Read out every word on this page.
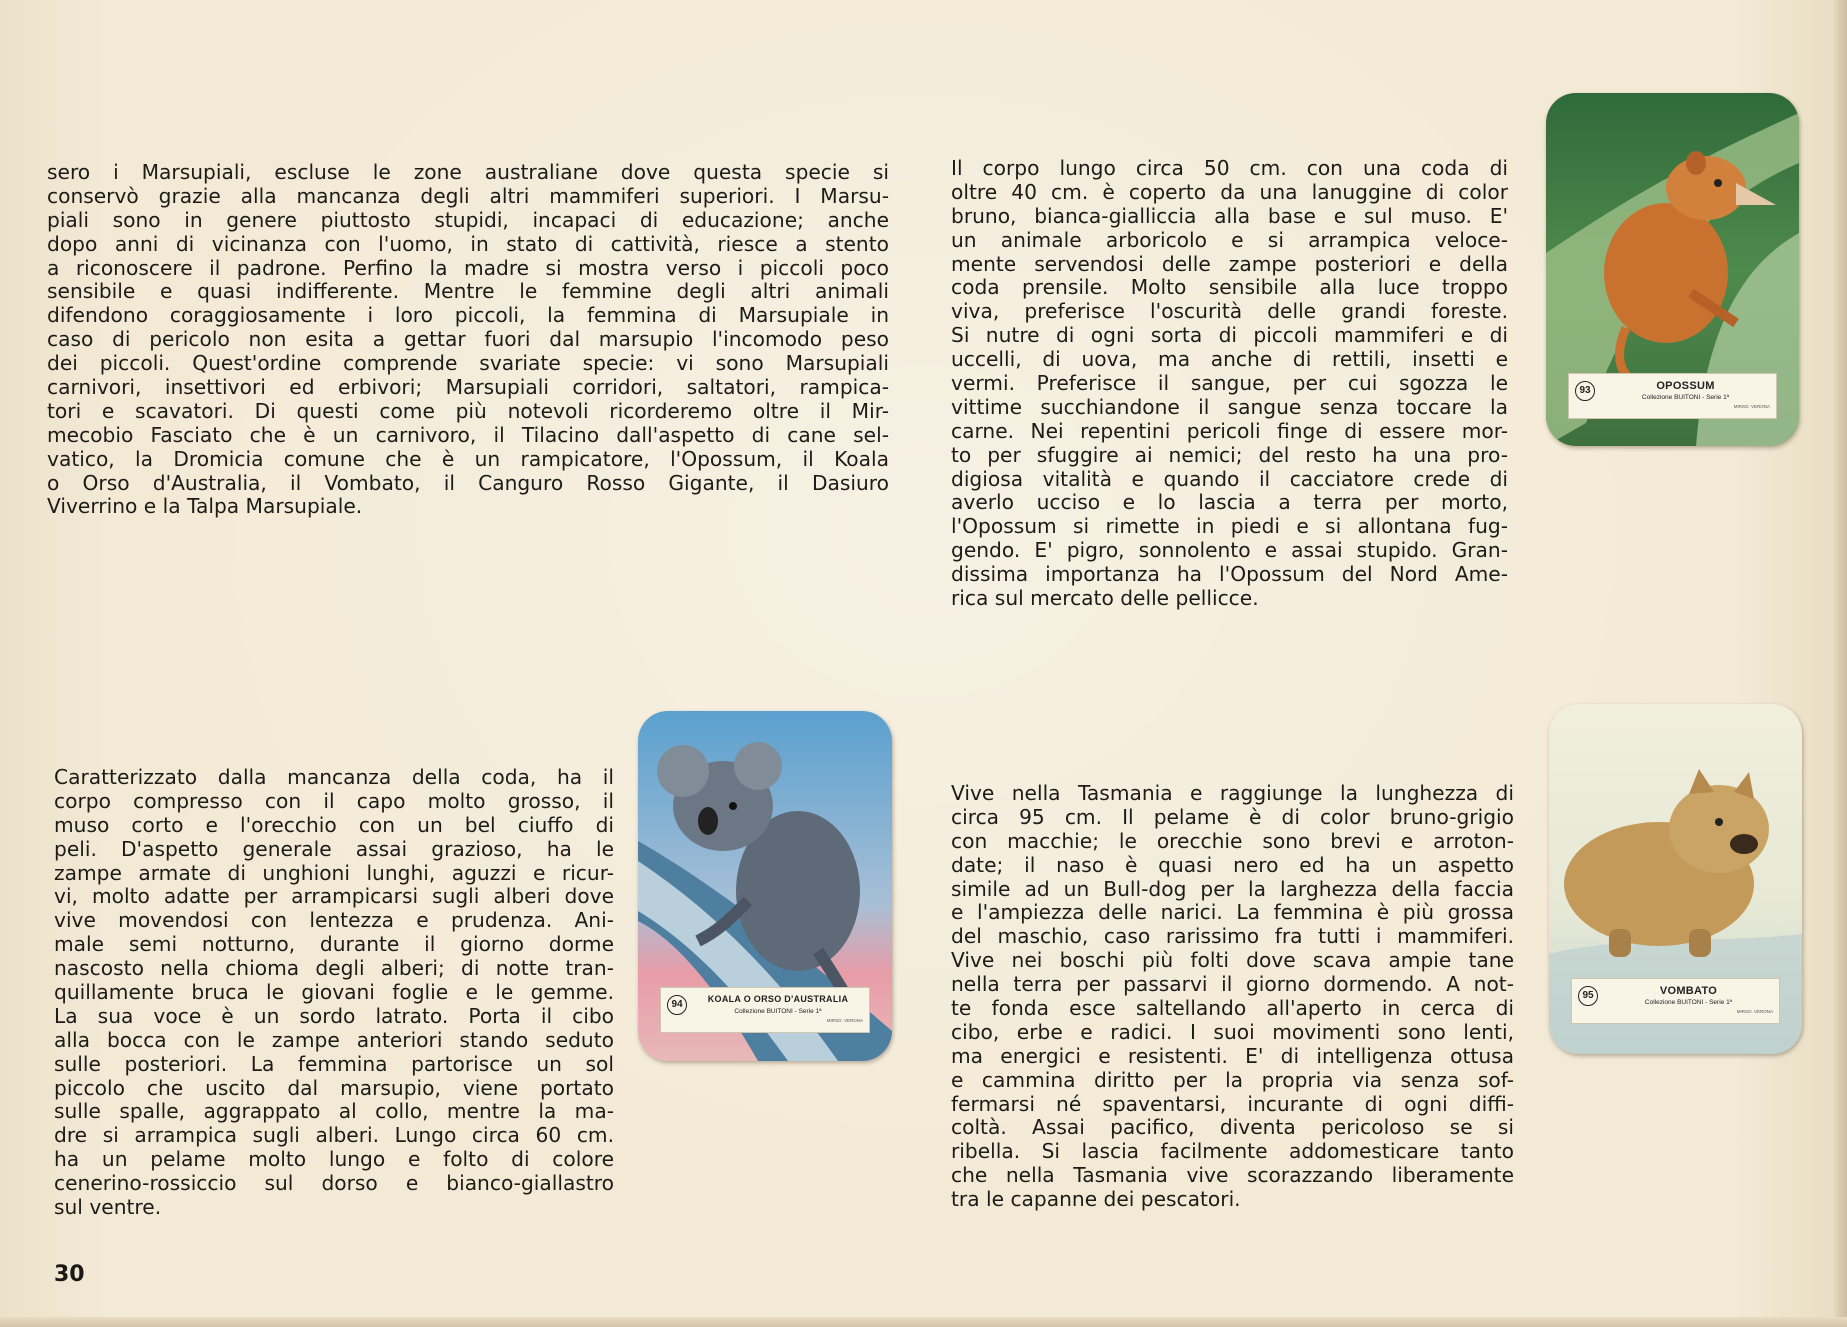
sero i Marsupiali, escluse le zone australiane dove questa specie si
conservò grazie alla mancanza degli altri mammiferi superiori. I Marsu-
piali sono in genere piuttosto stupidi, incapaci di educazione; anche
dopo anni di vicinanza con l'uomo, in stato di cattività, riesce a stento
a riconoscere il padrone. Perfino la madre si mostra verso i piccoli poco
sensibile e quasi indifferente. Mentre le femmine degli altri animali
difendono coraggiosamente i loro piccoli, la femmina di Marsupiale in
caso di pericolo non esita a gettar fuori dal marsupio l'incomodo peso
dei piccoli. Quest'ordine comprende svariate specie: vi sono Marsupiali
carnivori, insettivori ed erbivori; Marsupiali corridori, saltatori, rampica-
tori e scavatori. Di questi come più notevoli ricorderemo oltre il Mir-
mecobio Fasciato che è un carnivoro, il Tilacino dall'aspetto di cane sel-
vatico, la Dromicia comune che è un rampicatore, l'Opossum, il Koala
o Orso d'Australia, il Vombato, il Canguro Rosso Gigante, il Dasiuro
Viverrino e la Talpa Marsupiale.
Il corpo lungo circa 50 cm. con una coda di
oltre 40 cm. è coperto da una lanuggine di color
bruno, bianca-gialliccia alla base e sul muso. E'
un animale arboricolo e si arrampica veloce-
mente servendosi delle zampe posteriori e della
coda prensile. Molto sensibile alla luce troppo
viva, preferisce l'oscurità delle grandi foreste.
Si nutre di ogni sorta di piccoli mammiferi e di
uccelli, di uova, ma anche di rettili, insetti e
vermi. Preferisce il sangue, per cui sgozza le
vittime succhiandone il sangue senza toccare la
carne. Nei repentini pericoli finge di essere mor-
to per sfuggire ai nemici; del resto ha una pro-
digiosa vitalità e quando il cacciatore crede di
averlo ucciso e lo lascia a terra per morto,
l'Opossum si rimette in piedi e si allontana fug-
gendo. E' pigro, sonnolento e assai stupido. Gran-
dissima importanza ha l'Opossum del Nord Ame-
rica sul mercato delle pellicce.
Caratterizzato dalla mancanza della coda, ha il
corpo compresso con il capo molto grosso, il
muso corto e l'orecchio con un bel ciuffo di
peli. D'aspetto generale assai grazioso, ha le
zampe armate di unghioni lunghi, aguzzi e ricur-
vi, molto adatte per arrampicarsi sugli alberi dove
vive movendosi con lentezza e prudenza. Ani-
male semi notturno, durante il giorno dorme
nascosto nella chioma degli alberi; di notte tran-
quillamente bruca le giovani foglie e le gemme.
La sua voce è un sordo latrato. Porta il cibo
alla bocca con le zampe anteriori standо seduto
sulle posteriori. La femmina partorisce un sol
piccolo che uscito dal marsupio, viene portato
sulle spalle, aggrappato al collo, mentre la ma-
dre si arrampica sugli alberi. Lungo circa 60 cm.
ha un pelame molto lungo e folto di colore
cenerino-rossiccio sul dorso e bianco-giallastro
sul ventre.
Vive nella Tasmania e raggiunge la lunghezza di
circa 95 cm. Il pelame è di color bruno-grigio
con macchie; le orecchie sono brevi e arroton-
date; il naso è quasi nero ed ha un aspetto
simile ad un Bull-dog per la larghezza della faccia
e l'ampiezza delle narici. La femmina è più grossa
del maschio, caso rarissimo fra tutti i mammiferi.
Vive nei boschi più folti dove scava ampie tane
nella terra per passarvi il giorno dormendo. A not-
te fonda esce saltellando all'aperto in cerca di
cibo, erbe e radici. I suoi movimenti sono lenti,
ma energici e resistenti. E' di intelligenza ottusa
e cammina diritto per la propria via senza sof-
fermarsi né spaventarsi, incurante di ogni diffi-
coltà. Assai pacifico, diventa pericoloso se si
ribella. Si lascia facilmente addomesticare tanto
che nella Tasmania vive scorazzando liberamente
tra le capanne dei pescatori.
93	OPOSSUM
Collezione BUITONI - Serie 1ª
MIRSO. VERONA
94	KOALA O ORSO D'AUSTRALIA
Collezione BUITONI - Serie 1ª
MIRSO. VERONA
95	VOMBATO
Collezione BUITONI - Serie 1ª
MIRSO. VERONA
30
